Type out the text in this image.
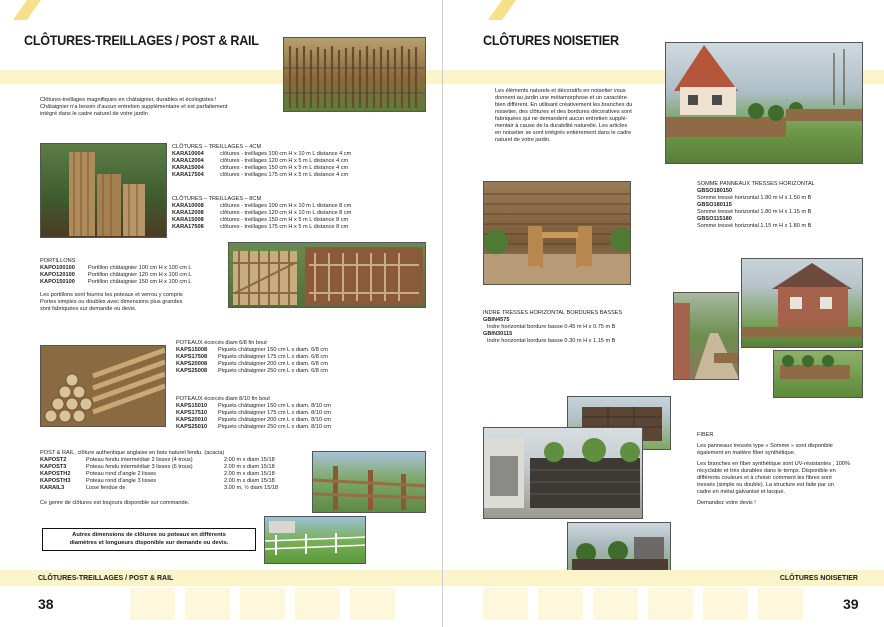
CLÔTURES-TREILLAGES / POST & RAIL
Clôtures-treillages magnifiques en châtaignier, durables et écologistes !
Châtaignier n'a besoin d'aucun entretien supplémentaire et est parfaitement
intégré dans le cadre naturel de votre jardin
CLÔTURES – TREILLAGES – 4CM
KARA10004	clôtures - treillages 100 cm H x 10 m L distance 4 cm
KARA12004	clôtures - treillages 120 cm H x 5 m L distance 4 cm
KARA15004	clôtures - treillages 150 cm H x 5 m L distance 4 cm
KARA17504	clôtures - treillages 175 cm H x 5 m L distance 4 cm
CLÔTURES – TREILLAGES – 8CM
KARA10008	clôtures - treillages 100 cm H x 10 m L distance 8 cm
KARA12008	clôtures - treillages 120 cm H x 10 m L distance 8 cm
KARA15008	clôtures - treillages 150 cm H x 5 m L distance 8 cm
KARA17508	clôtures - treillages 175 cm H x 5 m L distance 8 cm
PORTILLONS
KAPO100100	Portillon châtaignier 100 cm H x 100 cm L
KAPO120100	Portillon châtaignier 120 cm H x 100 cm L
KAPO150100	Portillon châtaignier 150 cm H x 100 cm L
Les portillons sont fournis les poteaux et verrou y compris
Portes simples ou doubles avec dimensions plus grandes
sont fabriquées sur demande ou devis.
POTEAUX écorcés diam 6/8 fin bout
KAPS15008	Piquets châtaignier 150 cm L x diam. 6/8 cm
KAPS17508	Piquets châtaignier 175 cm L x diam. 6/8 cm
KAPS20008	Piquets châtaignier 200 cm L x diam. 6/8 cm
KAPS25008	Piquets châtaignier 250 cm L x diam. 6/8 cm
POTEAUX écorcés diam 8/10 fin bout
KAPS15010	Piquets châtaignier 150 cm L x diam. 8/10 cm
KAPS17510	Piquets châtaignier 175 cm L x diam. 8/10 cm
KAPS20010	Piquets châtaignier 200 cm L x diam. 8/10 cm
KAPS25010	Piquets châtaignier 250 cm L x diam. 8/10 cm
POST & RAIL, clôture authentique anglaise en bois naturel fendu. (acacia)
KAPOST2	Poteau fendu intermédiair 2 lisses (4 trous)	2.00 m x diam 15/18
KAPOST3	Poteau fendu intermédiair 3 lisses (6 trous)	2.00 m x diam 15/18
KAPOSTH2	Poteau rond d'angle 2 lisses	2.00 m x diam 15/18
KAPOSTH3	Poteau rond d'angle 3 lisses	2.00 m x diam 15/18
KARAIL3	Lisse fendue de	3.00 m, ½ diam 15/18
Ce genre de clôtures est toujours disponible sur commande.
Autres dimensions de clôtures ou poteaux en différents
diamètres et longueurs disponible sur demande ou devis.
CLÔTURES-TREILLAGES / POST & RAIL
38
CLÔTURES NOISETIER
Les éléments naturels et décoratifs en noisetier vous
donnent au jardin une métamorphose et un caractère
bien différent. En utilisant créativement les branches du
noisetier, des clôtures et des bordures décoratives sont
fabriquées qui ne demandent aucun entretien supplé-
mentair à cause de la durabilité naturelle. Les articles
en noisetier se sont intégrés entièrement dans le cadre
naturel de votre jardin.
SOMME PANNEAUX TRESSES HORIZONTAL
GBSO180150
Somme tressé horizontal 1.80 m H x 1.50 m B
GBSO180115
Somme tressé horizontal 1.80 m H x 1.15 m B
GBSO115180
Somme tressé horizontal 1.15 m H x 1.80 m B
INDRE TRESSES HORIZONTAL BORDURES BASSES
GBIN4575
Indre horizontal bordure basse 0.45 m H x 0.75 m B
GBIN30115
Indre horizontal bordure basse 0.30 m H x 1.15 m B
FIBER
Les panneaux tressés type « Somme » sont disponible
également en matière fiber synthétique.
Les branches en fiber synthétique sont UV-résistantes , 100%
récyclable et très durables dans le temps. Disponible en
différents couleurs et à choisir comment les fibres sont
tressés (simple ou double). La structure est faite par un
cadre en métal galvanisé et lacqué.
Demandez votre devis !
CLÔTURES NOISETIER
39
